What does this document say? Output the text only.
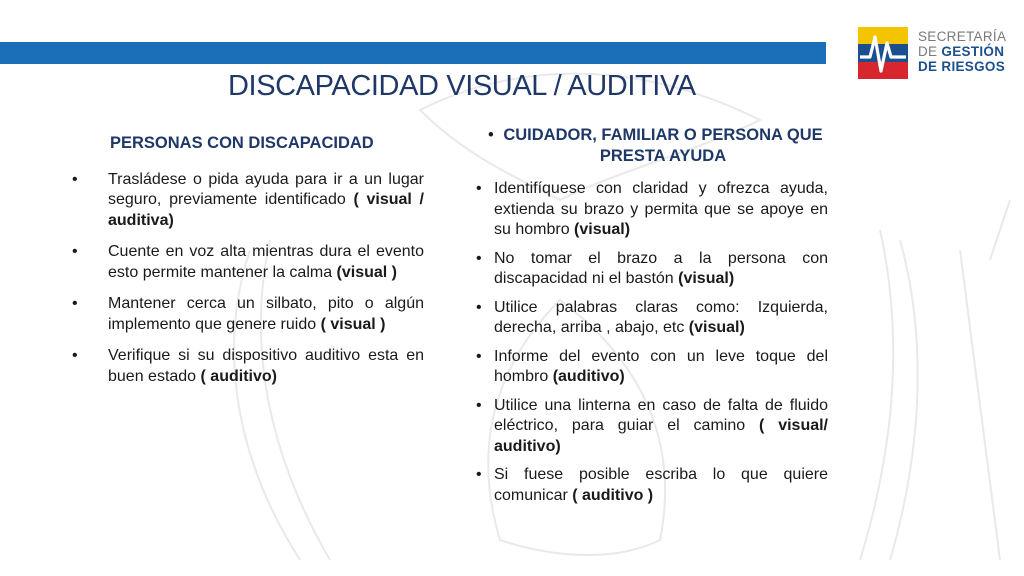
SECRETARÍA
DE GESTIÓN
DE RIESGOS
DISCAPACIDAD VISUAL / AUDITIVA

PERSONAS CON DISCAPACIDAD

• Trasládese o pida ayuda para ir a un lugar seguro, previamente identificado ( visual / auditiva)
• Cuente en voz alta mientras dura el evento esto permite mantener la calma (visual )
• Mantener cerca un silbato, pito o algún implemento que genere ruido ( visual )
• Verifique si su dispositivo auditivo esta en buen estado ( auditivo)

• CUIDADOR, FAMILIAR O PERSONA QUE PRESTA AYUDA

• Identifíquese con claridad y ofrezca ayuda, extienda su brazo y permita que se apoye en su hombro (visual)
• No tomar el brazo a la persona con discapacidad ni el bastón (visual)
• Utilice palabras claras como: Izquierda, derecha, arriba , abajo, etc (visual)
• Informe del evento con un leve toque del hombro (auditivo)
• Utilice una linterna en caso de falta de fluido eléctrico, para guiar el camino ( visual/ auditivo)
• Si fuese posible escriba lo que quiere comunicar ( auditivo )
